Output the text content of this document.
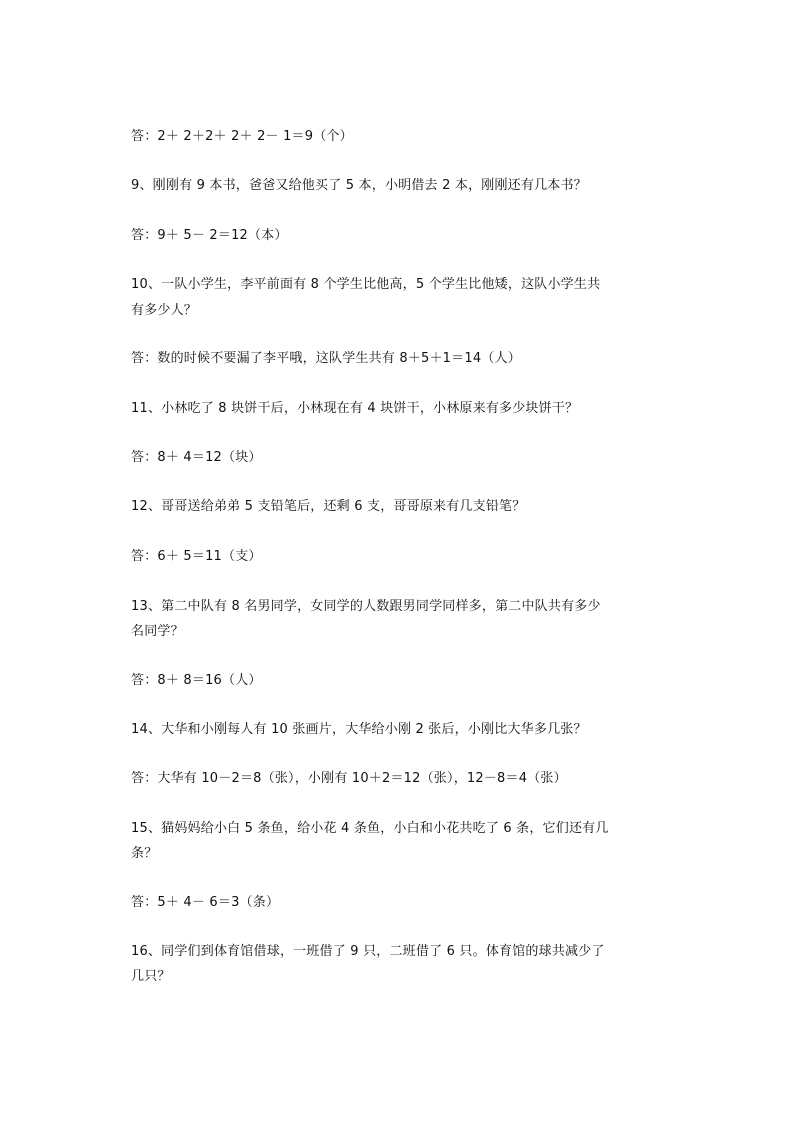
答：2＋ 2＋2＋ 2＋ 2－ 1＝9（个）
9、刚刚有 9 本书，爸爸又给他买了 5 本，小明借去 2 本，刚刚还有几本书？
答：9＋ 5－ 2＝12（本）
10、一队小学生，李平前面有 8 个学生比他高，5 个学生比他矮，这队小学生共
有多少人？
答：数的时候不要漏了李平哦，这队学生共有 8＋5＋1＝14（人）
11、小林吃了 8 块饼干后，小林现在有 4 块饼干，小林原来有多少块饼干？
答：8＋ 4＝12（块）
12、哥哥送给弟弟 5 支铅笔后，还剩 6 支，哥哥原来有几支铅笔？
答：6＋ 5＝11（支）
13、第二中队有 8 名男同学，女同学的人数跟男同学同样多，第二中队共有多少
名同学？
答：8＋ 8＝16（人）
14、大华和小刚每人有 10 张画片，大华给小刚 2 张后，小刚比大华多几张？
答：大华有 10－2＝8（张），小刚有 10＋2＝12（张），12－8＝4（张）
15、猫妈妈给小白 5 条鱼，给小花 4 条鱼，小白和小花共吃了 6 条，它们还有几
条？
答：5＋ 4－ 6＝3（条）
16、同学们到体育馆借球，一班借了 9 只，二班借了 6 只。体育馆的球共减少了
几只？
